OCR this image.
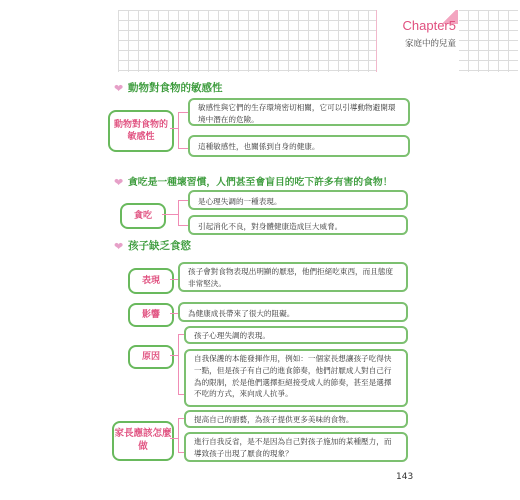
Chapter5
家庭中的兒童
❤ 動物對食物的敏感性
動物對食物的敏感性
敏感性與它們的生存環境密切相關，它可以引導動物避開環境中潛在的危險。
這種敏感性，也關係到自身的健康。
❤ 貪吃是一種壞習慣，人們甚至會盲目的吃下許多有害的食物！
貪吃
是心理失調的一種表現。
引起消化不良，對身體健康造成巨大威脅。
❤ 孩子缺乏食慾
表現
孩子會對食物表現出明顯的厭惡，他們拒絕吃東西，而且態度非常堅決。
影響	為健康成長帶來了很大的阻礙。
原因
孩子心理失調的表現。
自我保護的本能發揮作用，例如：一個家長想讓孩子吃得快一點，但是孩子有自己的進食節奏，他們討厭成人對自己行為的限制，於是他們選擇拒絕接受成人的節奏，甚至是選擇不吃的方式，來向成人抗爭。
家長應該怎麼做
提高自己的廚藝，為孩子提供更多美味的食物。
進行自我反省，是不是因為自己對孩子施加的某種壓力，而導致孩子出現了厭食的現象？
143
